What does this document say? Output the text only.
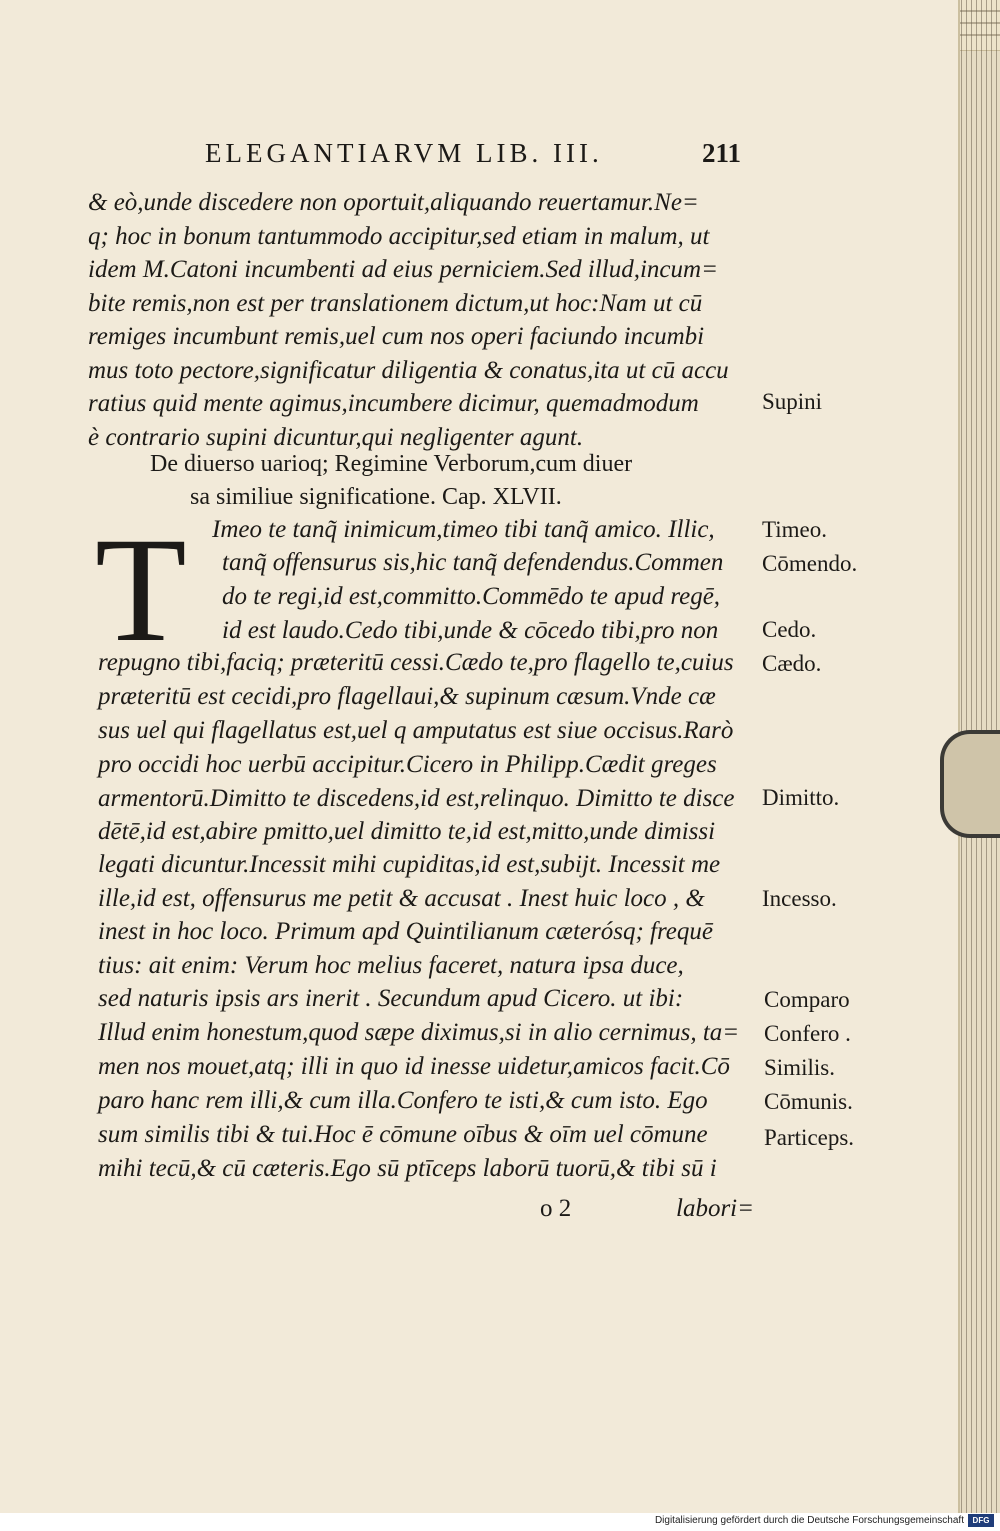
ELEGANTIARVM LIB. III.	211
& eò,unde discedere non oportuit,aliquando reuertamur.Ne=
q; hoc in bonum tantummodo accipitur,sed etiam in malum, ut
idem M.Catoni incumbenti ad eius perniciem.Sed illud,incum=
bite remis,non est per translationem dictum,ut hoc:Nam ut cū
remiges incumbunt remis,uel cum nos operi faciundo incumbi
mus toto pectore,significatur diligentia & conatus,ita ut cū accu
ratius quid mente agimus,incumbere dicimur, quemadmodum
è contrario supini dicuntur,qui negligenter agunt.
De diuerso uarioq; Regimine Verborum,cum diuer
sa similiue significatione. Cap. XLVII.
Imeo te tanq̃ inimicum,timeo tibi tanq̃ amico. Illic,
tanq̃ offensurus sis,hic tanq̃ defendendus.Commen
do te regi,id est,committo.Commēdo te apud regē,
id est laudo.Cedo tibi,unde & cōcedo tibi,pro non
repugno tibi,faciq; præteritū cessi.Cædo te,pro flagello te,cuius
præteritū est cecidi,pro flagellaui,& supinum cæsum.Vnde cæ
sus uel qui flagellatus est,uel q amputatus est siue occisus.Rarò
pro occidi hoc uerbū accipitur.Cicero in Philipp.Cædit greges
armentorū.Dimitto te discedens,id est,relinquo. Dimitto te disce
dētē,id est,abire pmitto,uel dimitto te,id est,mitto,unde dimissi
legati dicuntur.Incessit mihi cupiditas,id est,subijt. Incessit me
ille,id est, offensurus me petit & accusat . Inest huic loco , &
inest in hoc loco. Primum apd Quintilianum cæterósq; frequē
tius: ait enim: Verum hoc melius faceret, natura ipsa duce,
sed naturis ipsis ars inerit . Secundum apud Cicero. ut ibi:
Illud enim honestum,quod sæpe diximus,si in alio cernimus, ta=
men nos mouet,atq; illi in quo id inesse uidetur,amicos facit.Cō
paro hanc rem illi,& cum illa.Confero te isti,& cum isto. Ego
sum similis tibi & tui.Hoc ē cōmune oībus & oīm uel cōmune
mihi tecū,& cū cæteris.Ego sū ptīceps laborū tuorū,& tibi sū i
o 2	labori=
T
Supini
Timeo.
Cōmendo.
Cedo.
Cædo.
Dimitto.
Incesso.
Comparo
Confero .
Similis.
Cōmunis.
Particeps.
Digitalisierung gefördert durch die Deutsche Forschungsgemeinschaft	DFG
